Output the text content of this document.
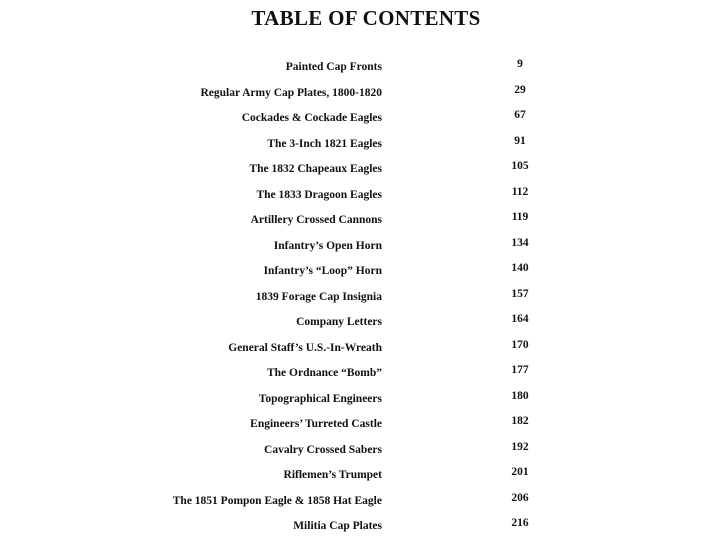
TABLE OF CONTENTS
Painted Cap Fronts	9
Regular Army Cap Plates, 1800-1820	29
Cockades & Cockade Eagles	67
The 3-Inch 1821 Eagles	91
The 1832 Chapeaux Eagles	105
The 1833 Dragoon Eagles	112
Artillery Crossed Cannons	119
Infantry’s Open Horn	134
Infantry’s “Loop” Horn	140
1839 Forage Cap Insignia	157
Company Letters	164
General Staff’s U.S.-In-Wreath	170
The Ordnance “Bomb”	177
Topographical Engineers	180
Engineers’ Turreted Castle	182
Cavalry Crossed Sabers	192
Riflemen’s Trumpet	201
The 1851 Pompon Eagle & 1858 Hat Eagle	206
Militia Cap Plates	216
